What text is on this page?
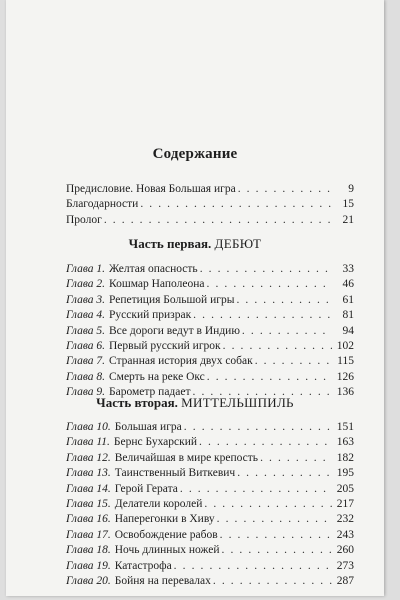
Содержание
Предисловие. Новая Большая игра . . .	9
Благодарности . . .	15
Пролог . . .	21
Часть первая. ДЕБЮТ
Глава 1. Желтая опасность . . .	33
Глава 2. Кошмар Наполеона . . .	46
Глава 3. Репетиция Большой игры . . .	61
Глава 4. Русский призрак . . .	81
Глава 5. Все дороги ведут в Индию . . .	94
Глава 6. Первый русский игрок . . .	102
Глава 7. Странная история двух собак . . .	115
Глава 8. Смерть на реке Окс . . .	126
Глава 9. Барометр падает . . .	136
Часть вторая. МИТТЕЛЬШПИЛЬ
Глава 10. Большая игра . . .	151
Глава 11. Бернс Бухарский . . .	163
Глава 12. Величайшая в мире крепость . . .	182
Глава 13. Таинственный Виткевич . . .	195
Глава 14. Герой Герата . . .	205
Глава 15. Делатели королей . . .	217
Глава 16. Наперегонки в Хиву . . .	232
Глава 17. Освобождение рабов . . .	243
Глава 18. Ночь длинных ножей . . .	260
Глава 19. Катастрофа . . .	273
Глава 20. Бойня на перевалах . . .	287
